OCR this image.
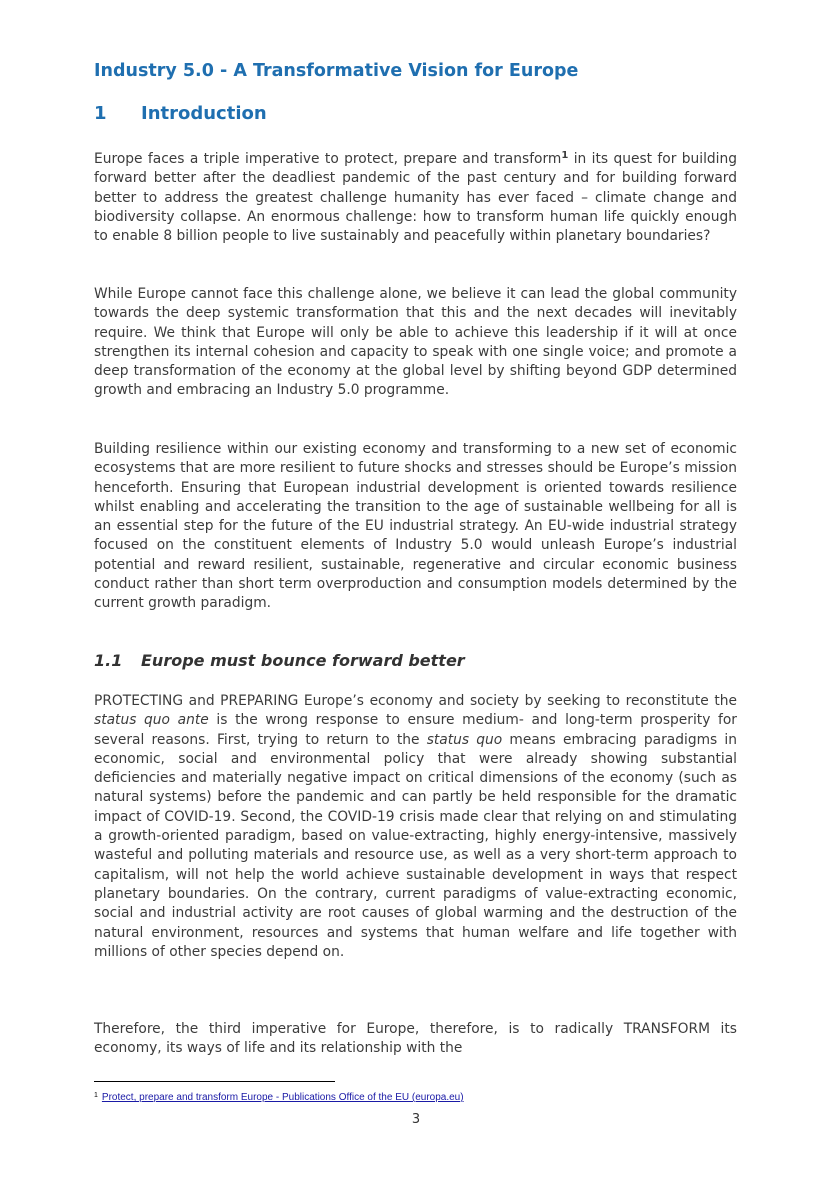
Industry 5.0 - A Transformative Vision for Europe
1 Introduction

Europe faces a triple imperative to protect, prepare and transform$^1$ in its quest for building forward better after the deadliest pandemic of the past century and for building forward better to address the greatest challenge humanity has ever faced – climate change and biodiversity collapse. An enormous challenge: how to transform human life quickly enough to enable 8 billion people to live sustainably and peacefully within planetary boundaries?

While Europe cannot face this challenge alone, we believe it can lead the global community towards the deep systemic transformation that this and the next decades will inevitably require. We think that Europe will only be able to achieve this leadership if it will at once strengthen its internal cohesion and capacity to speak with one single voice; and promote a deep transformation of the economy at the global level by shifting beyond GDP determined growth and embracing an Industry 5.0 programme.

Building resilience within our existing economy and transforming to a new set of economic ecosystems that are more resilient to future shocks and stresses should be Europe’s mission henceforth. Ensuring that European industrial development is oriented towards resilience whilst enabling and accelerating the transition to the age of sustainable wellbeing for all is an essential step for the future of the EU industrial strategy. An EU-wide industrial strategy focused on the constituent elements of Industry 5.0 would unleash Europe’s industrial potential and reward resilient, sustainable, regenerative and circular economic business conduct rather than short term overproduction and consumption models determined by the current growth paradigm.

1.1 Europe must bounce forward better

PROTECTING and PREPARING Europe’s economy and society by seeking to reconstitute the status quo ante is the wrong response to ensure medium- and long-term prosperity for several reasons. First, trying to return to the status quo means embracing paradigms in economic, social and environmental policy that were already showing substantial deficiencies and materially negative impact on critical dimensions of the economy (such as natural systems) before the pandemic and can partly be held responsible for the dramatic impact of COVID-19. Second, the COVID-19 crisis made clear that relying on and stimulating a growth-oriented paradigm, based on value-extracting, highly energy-intensive, massively wasteful and polluting materials and resource use, as well as a very short-term approach to capitalism, will not help the world achieve sustainable development in ways that respect planetary boundaries. On the contrary, current paradigms of value-extracting economic, social and industrial activity are root causes of global warming and the destruction of the natural environment, resources and systems that human welfare and life together with millions of other species depend on.

Therefore, the third imperative for Europe, therefore, is to radically TRANSFORM its economy, its ways of life and its relationship with the

$^1$ Protect, prepare and transform Europe - Publications Office of the EU (europa.eu)
3
